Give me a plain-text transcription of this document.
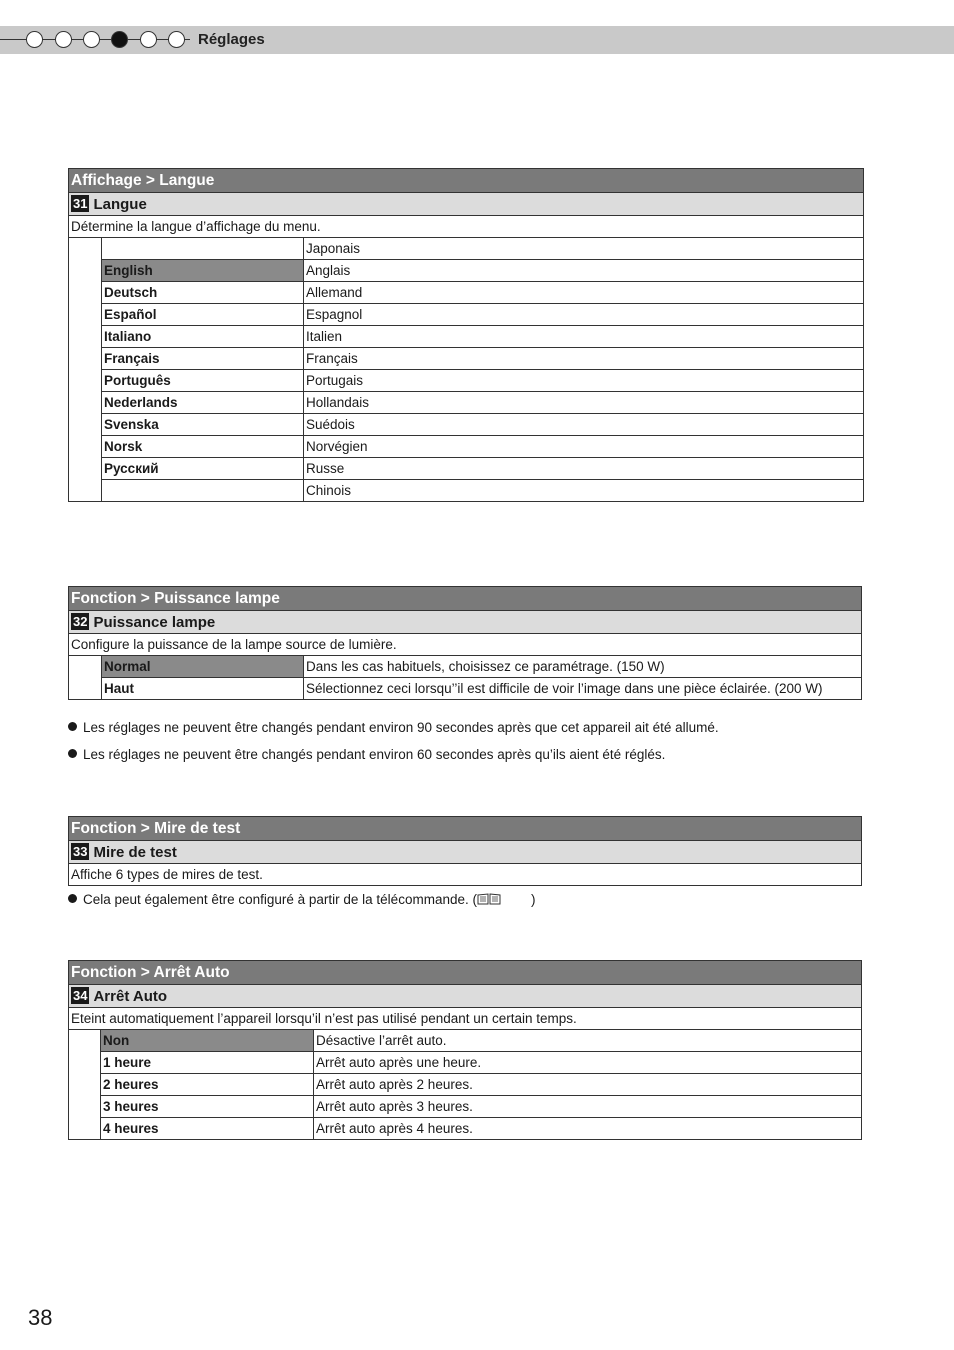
Réglages
Affichage > Langue		
31 Langue		
Détermine la langue d’affichage du menu.		
		Japonais
	English	Anglais
	Deutsch	Allemand
	Español	Espagnol
	Italiano	Italien
	Français	Français
	Português	Portugais
	Nederlands	Hollandais
	Svenska	Suédois
	Norsk	Norvégien
	Русский	Russe
		Chinois
Fonction > Puissance lampe		
32 Puissance lampe		
Configure la puissance de la lampe source de lumière.		
	Normal	Dans les cas habituels, choisissez ce paramétrage. (150 W)
	Haut	Sélectionnez ceci lorsqu’’il est difficile de voir l’image dans une pièce éclairée. (200 W)
Les réglages ne peuvent être changés pendant environ 90 secondes après que cet appareil ait été allumé.
Les réglages ne peuvent être changés pendant environ 60 secondes après qu’ils aient été réglés.
Fonction > Mire de test
33 Mire de test
Affiche 6 types de mires de test.
Cela peut également être configuré à partir de la télécommande. (	)
Fonction > Arrêt Auto		
34 Arrêt Auto		
Eteint automatiquement l’appareil lorsqu’il n’est pas utilisé pendant un certain temps.		
	Non	Désactive l’arrêt auto.
	1 heure	Arrêt auto après une heure.
	2 heures	Arrêt auto après 2 heures.
	3 heures	Arrêt auto après 3 heures.
	4 heures	Arrêt auto après 4 heures.
38
